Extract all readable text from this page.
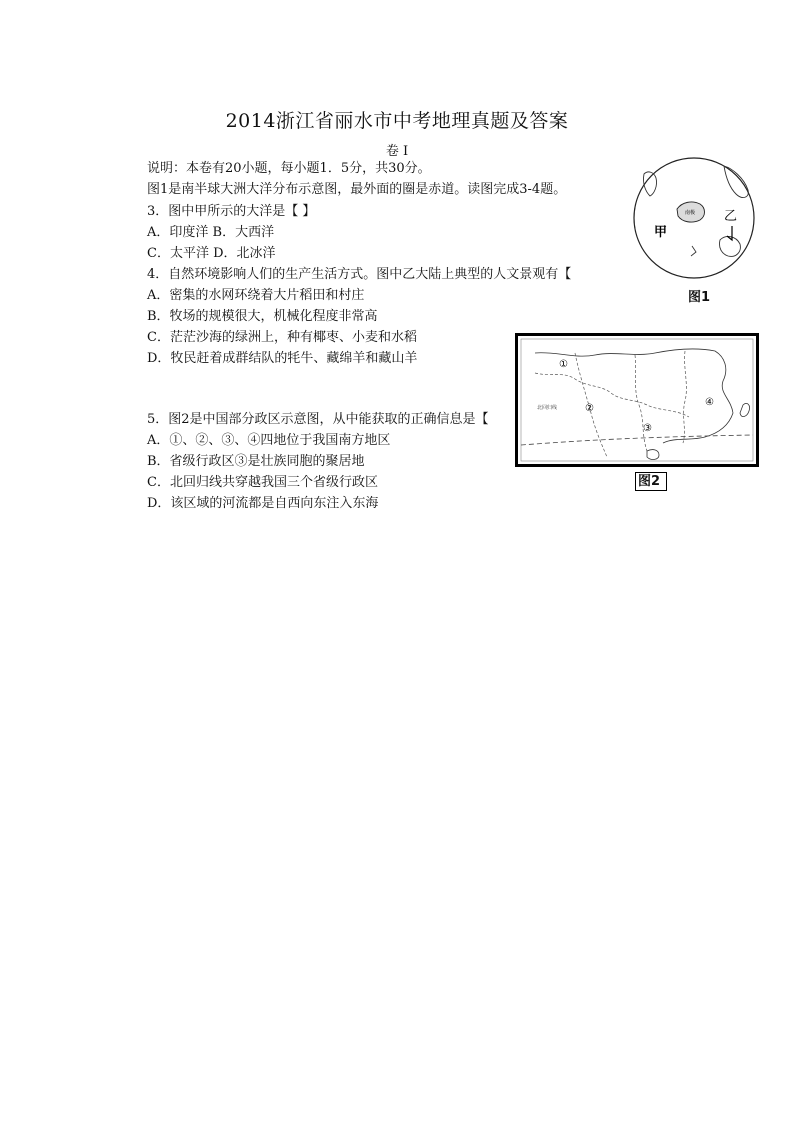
2014浙江省丽水市中考地理真题及答案
卷 I
说明：本卷有20小题，每小题1．5分，共30分。
图1是南半球大洲大洋分布示意图，最外面的圈是赤道。读图完成3-4题。
3．图中甲所示的大洋是【 】
A．印度洋 B．大西洋
C．太平洋 D．北冰洋
4．自然环境影响人们的生产生活方式。图中乙大陆上典型的人文景观有【
A．密集的水网环绕着大片稻田和村庄
B．牧场的规模很大，机械化程度非常高
C．茫茫沙海的绿洲上，种有椰枣、小麦和水稻
D．牧民赶着成群结队的牦牛、藏绵羊和藏山羊
5．图2是中国部分政区示意图，从中能获取的正确信息是【
A．①、②、③、④四地位于我国南方地区
B．省级行政区③是壮族同胞的聚居地
C．北回归线共穿越我国三个省级行政区
D．该区域的河流都是自西向东注入东海
南极
甲
乙
图1
①
②
③
④
北回归线
图2
